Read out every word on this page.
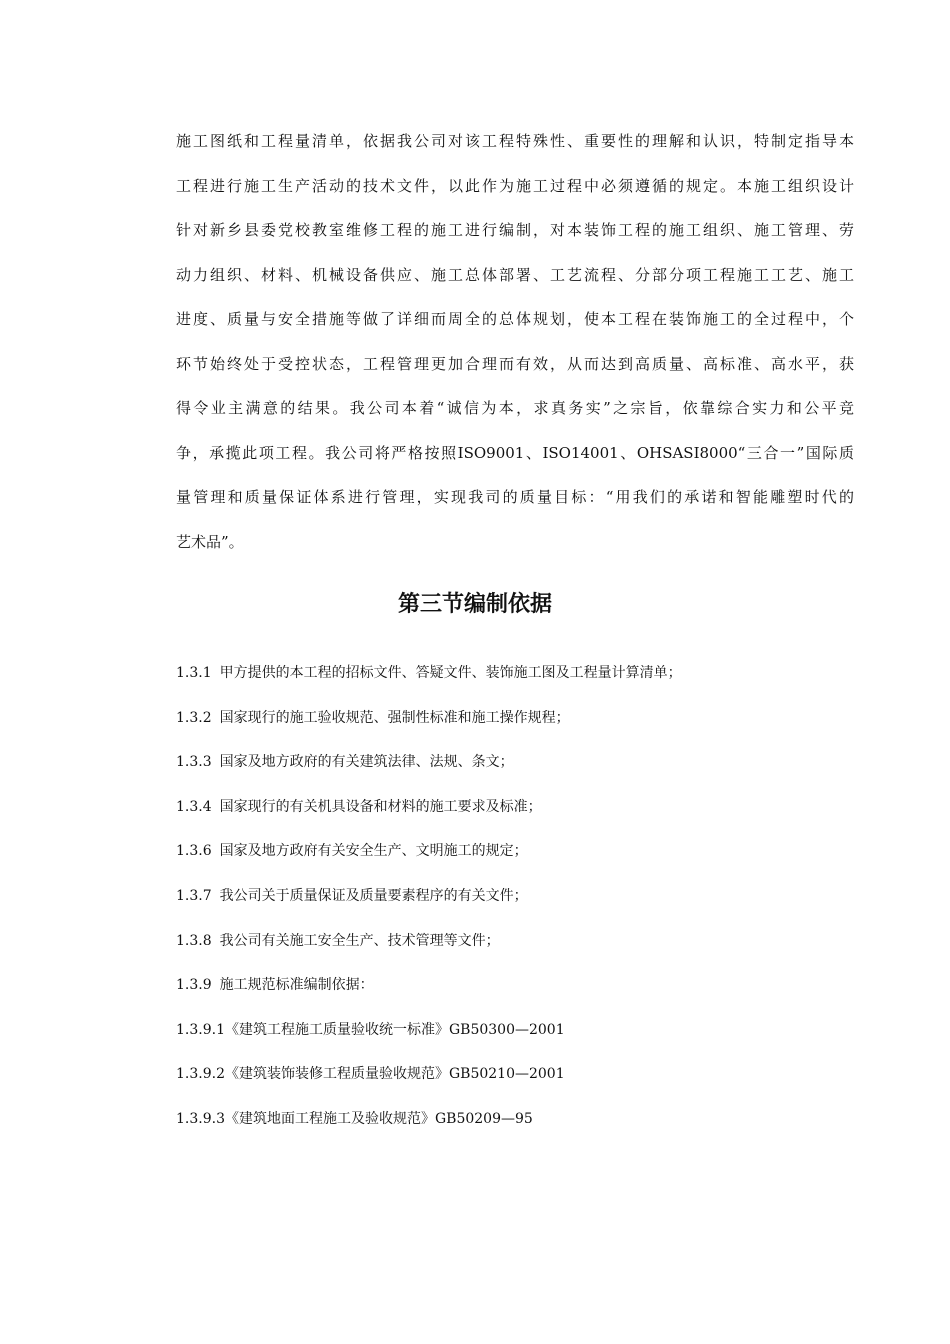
施工图纸和工程量清单，依据我公司对该工程特殊性、重要性的理解和认识，特制定指导本
工程进行施工生产活动的技术文件，以此作为施工过程中必须遵循的规定。本施工组织设计
针对新乡县委党校教室维修工程的施工进行编制，对本装饰工程的施工组织、施工管理、劳
动力组织、材料、机械设备供应、施工总体部署、工艺流程、分部分项工程施工工艺、施工
进度、质量与安全措施等做了详细而周全的总体规划，使本工程在装饰施工的全过程中，个
环节始终处于受控状态，工程管理更加合理而有效，从而达到高质量、高标准、高水平，获
得令业主满意的结果。我公司本着“诚信为本，求真务实”之宗旨，依靠综合实力和公平竞
争，承揽此项工程。我公司将严格按照ISO9001、ISO14001、OHSASI8000“三合一”国际质
量管理和质量保证体系进行管理，实现我司的质量目标：“用我们的承诺和智能雕塑时代的
艺术品”。
第三节编制依据
1.3.1 甲方提供的本工程的招标文件、答疑文件、装饰施工图及工程量计算清单；
1.3.2 国家现行的施工验收规范、强制性标准和施工操作规程；
1.3.3 国家及地方政府的有关建筑法律、法规、条文；
1.3.4 国家现行的有关机具设备和材料的施工要求及标准；
1.3.6 国家及地方政府有关安全生产、文明施工的规定；
1.3.7 我公司关于质量保证及质量要素程序的有关文件；
1.3.8 我公司有关施工安全生产、技术管理等文件；
1.3.9 施工规范标准编制依据：
1.3.9.1《建筑工程施工质量验收统一标准》GB50300—2001
1.3.9.2《建筑装饰装修工程质量验收规范》GB50210—2001
1.3.9.3《建筑地面工程施工及验收规范》GB50209—95
